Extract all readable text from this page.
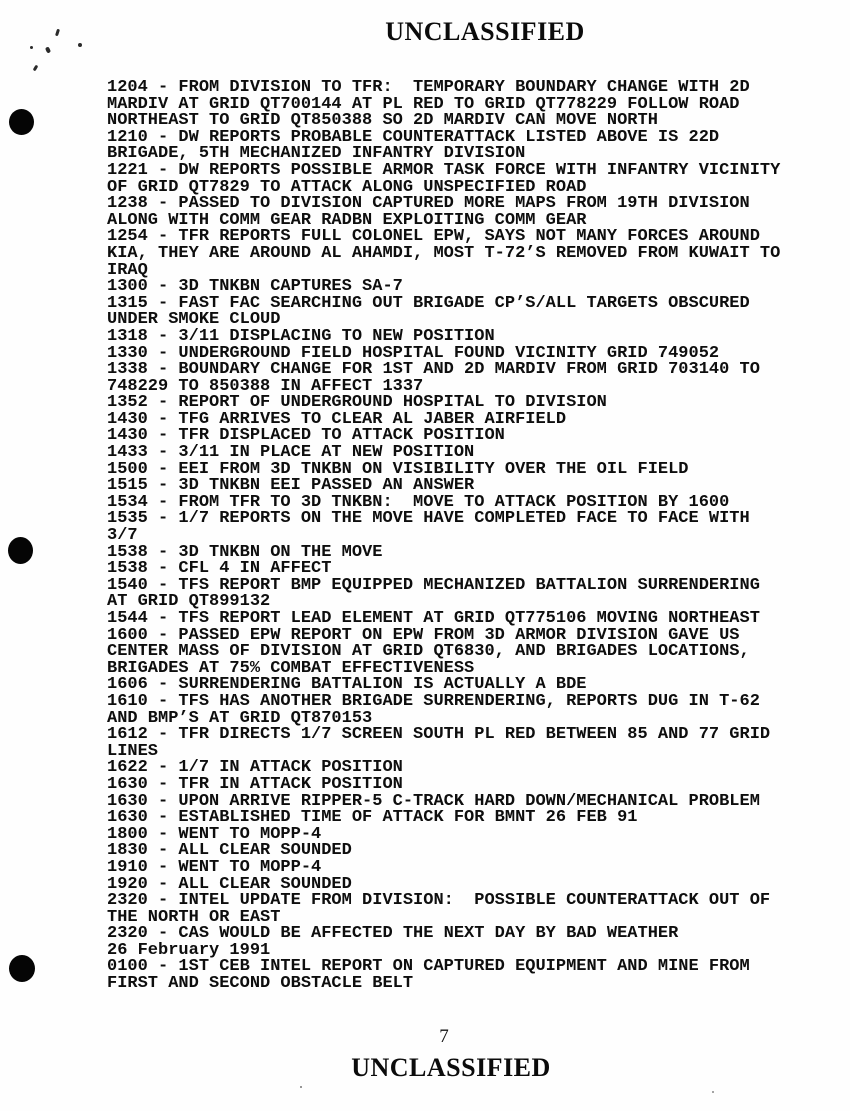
UNCLASSIFIED
1204 - FROM DIVISION TO TFR:  TEMPORARY BOUNDARY CHANGE WITH 2D
MARDIV AT GRID QT700144 AT PL RED TO GRID QT778229 FOLLOW ROAD
NORTHEAST TO GRID QT850388 SO 2D MARDIV CAN MOVE NORTH
1210 - DW REPORTS PROBABLE COUNTERATTACK LISTED ABOVE IS 22D
BRIGADE, 5TH MECHANIZED INFANTRY DIVISION
1221 - DW REPORTS POSSIBLE ARMOR TASK FORCE WITH INFANTRY VICINITY
OF GRID QT7829 TO ATTACK ALONG UNSPECIFIED ROAD
1238 - PASSED TO DIVISION CAPTURED MORE MAPS FROM 19TH DIVISION
ALONG WITH COMM GEAR RADBN EXPLOITING COMM GEAR
1254 - TFR REPORTS FULL COLONEL EPW, SAYS NOT MANY FORCES AROUND
KIA, THEY ARE AROUND AL AHAMDI, MOST T-72’S REMOVED FROM KUWAIT TO
IRAQ
1300 - 3D TNKBN CAPTURES SA-7
1315 - FAST FAC SEARCHING OUT BRIGADE CP’S/ALL TARGETS OBSCURED
UNDER SMOKE CLOUD
1318 - 3/11 DISPLACING TO NEW POSITION
1330 - UNDERGROUND FIELD HOSPITAL FOUND VICINITY GRID 749052
1338 - BOUNDARY CHANGE FOR 1ST AND 2D MARDIV FROM GRID 703140 TO
748229 TO 850388 IN AFFECT 1337
1352 - REPORT OF UNDERGROUND HOSPITAL TO DIVISION
1430 - TFG ARRIVES TO CLEAR AL JABER AIRFIELD
1430 - TFR DISPLACED TO ATTACK POSITION
1433 - 3/11 IN PLACE AT NEW POSITION
1500 - EEI FROM 3D TNKBN ON VISIBILITY OVER THE OIL FIELD
1515 - 3D TNKBN EEI PASSED AN ANSWER
1534 - FROM TFR TO 3D TNKBN:  MOVE TO ATTACK POSITION BY 1600
1535 - 1/7 REPORTS ON THE MOVE HAVE COMPLETED FACE TO FACE WITH
3/7
1538 - 3D TNKBN ON THE MOVE
1538 - CFL 4 IN AFFECT
1540 - TFS REPORT BMP EQUIPPED MECHANIZED BATTALION SURRENDERING
AT GRID QT899132
1544 - TFS REPORT LEAD ELEMENT AT GRID QT775106 MOVING NORTHEAST
1600 - PASSED EPW REPORT ON EPW FROM 3D ARMOR DIVISION GAVE US
CENTER MASS OF DIVISION AT GRID QT6830, AND BRIGADES LOCATIONS,
BRIGADES AT 75% COMBAT EFFECTIVENESS
1606 - SURRENDERING BATTALION IS ACTUALLY A BDE
1610 - TFS HAS ANOTHER BRIGADE SURRENDERING, REPORTS DUG IN T-62
AND BMP’S AT GRID QT870153
1612 - TFR DIRECTS 1/7 SCREEN SOUTH PL RED BETWEEN 85 AND 77 GRID
LINES
1622 - 1/7 IN ATTACK POSITION
1630 - TFR IN ATTACK POSITION
1630 - UPON ARRIVE RIPPER-5 C-TRACK HARD DOWN/MECHANICAL PROBLEM
1630 - ESTABLISHED TIME OF ATTACK FOR BMNT 26 FEB 91
1800 - WENT TO MOPP-4
1830 - ALL CLEAR SOUNDED
1910 - WENT TO MOPP-4
1920 - ALL CLEAR SOUNDED
2320 - INTEL UPDATE FROM DIVISION:  POSSIBLE COUNTERATTACK OUT OF
THE NORTH OR EAST
2320 - CAS WOULD BE AFFECTED THE NEXT DAY BY BAD WEATHER
26 February 1991
0100 - 1ST CEB INTEL REPORT ON CAPTURED EQUIPMENT AND MINE FROM
FIRST AND SECOND OBSTACLE BELT
7
UNCLASSIFIED
